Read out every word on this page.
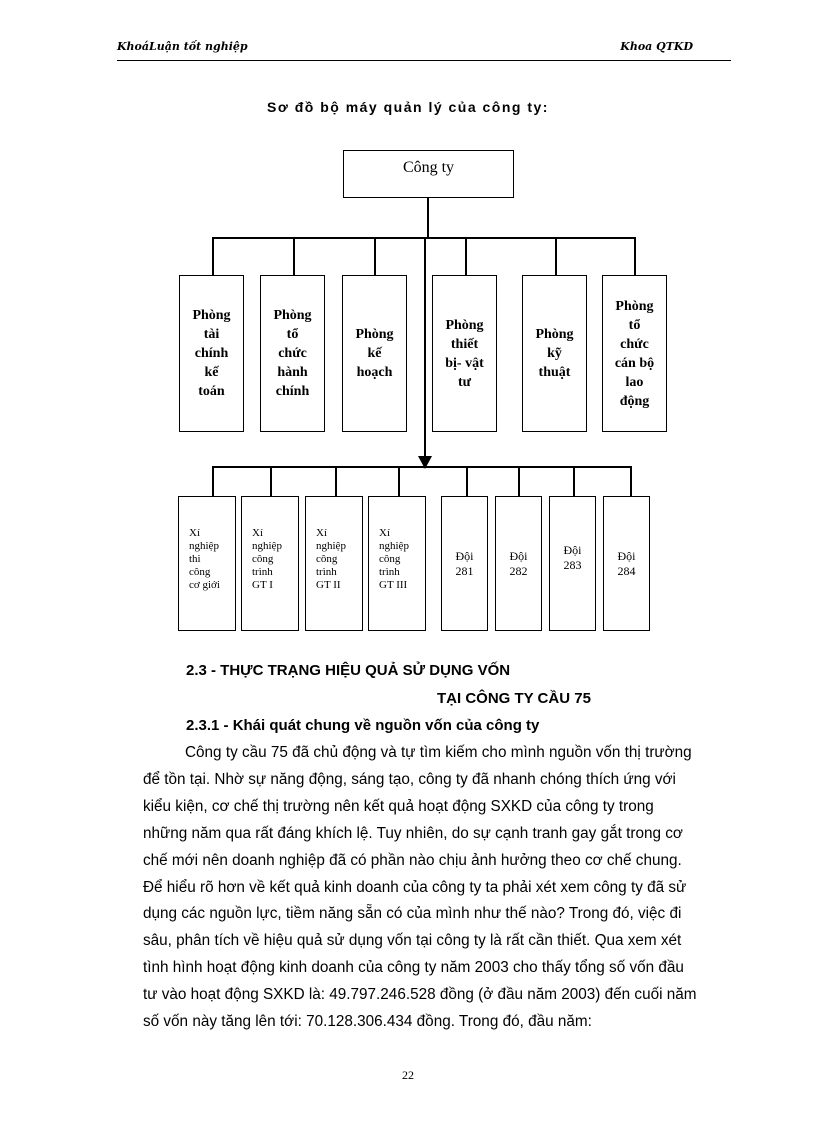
KhoáLuận tốt nghiệp	Khoa QTKD
Sơ đồ bộ máy quản lý của công ty:
Công ty
Phòng
tài
chính
kế
toán
Phòng
tổ
chức
hành
chính
Phòng
kế
hoạch
Phòng
thiết
bị- vật
tư
Phòng
kỹ
thuật
Phòng
tổ
chức
cán bộ
lao
động
Xí
nghiệp
thi
công
cơ giới
Xí
nghiệp
công
trình
GT I
Xí
nghiệp
công
trình
GT II
Xí
nghiệp
công
trình
GT III
Đội
281
Đội
282
Đội
283
Đội
284
2.3 - THỰC TRẠNG HIỆU QUẢ SỬ DỤNG VỐN
TẠI CÔNG TY CẦU 75
2.3.1 - Khái quát chung về nguồn vốn của công ty
Công ty cầu 75 đã chủ động và tự tìm kiếm cho mình nguồn vốn thị trường
để tồn tại. Nhờ sự năng động, sáng tạo, công ty đã nhanh chóng thích ứng với
kiểu kiện, cơ chế thị trường nên kết quả hoạt động SXKD của công ty trong
những năm qua rất đáng khích lệ. Tuy nhiên, do sự cạnh tranh gay gắt trong cơ
chế mới nên doanh nghiệp đã có phần nào chịu ảnh hưởng theo cơ chế chung.
Để hiểu rõ hơn về kết quả kinh doanh của công ty ta phải xét xem công ty đã sử
dụng các nguồn lực, tiềm năng sẵn có của mình như thế nào? Trong đó, việc đi
sâu, phân tích về hiệu quả sử dụng vốn tại công ty là rất cần thiết. Qua xem xét
tình hình hoạt động kinh doanh của công ty năm 2003 cho thấy tổng số vốn đầu
tư vào hoạt động SXKD là: 49.797.246.528 đồng (ở đầu năm 2003) đến cuối năm
số vốn này tăng lên tới: 70.128.306.434 đồng. Trong đó, đầu năm:
22
